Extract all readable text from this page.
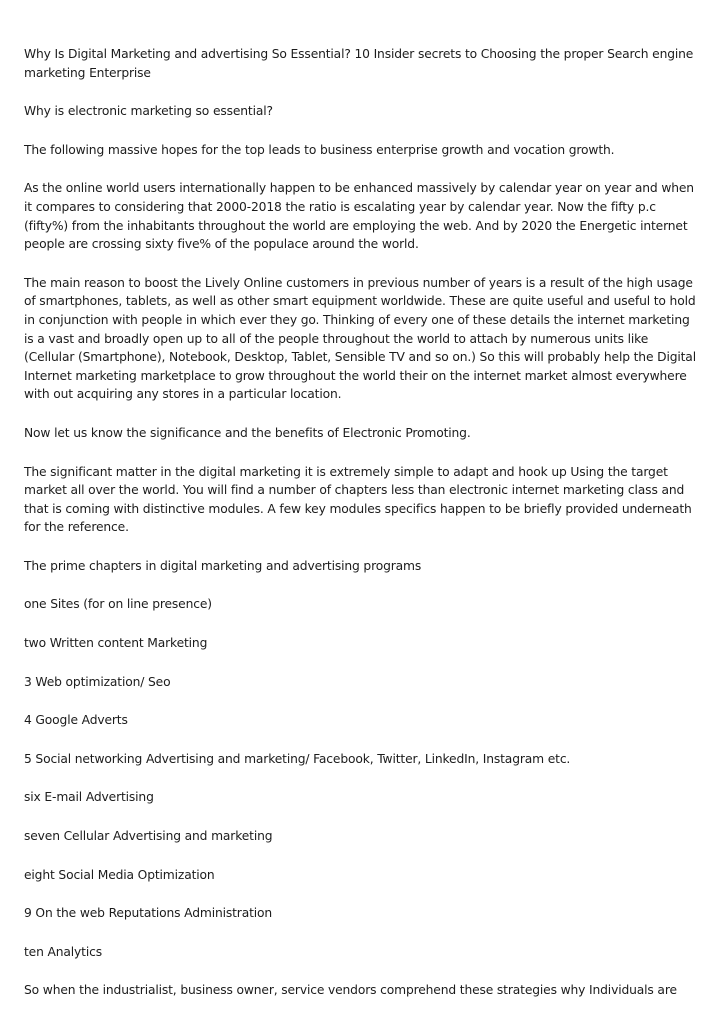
Why Is Digital Marketing and advertising So Essential? 10 Insider secrets to Choosing the proper Search engine marketing Enterprise

Why is electronic marketing so essential?

The following massive hopes for the top leads to business enterprise growth and vocation growth.

As the online world users internationally happen to be enhanced massively by calendar year on year and when it compares to considering that 2000-2018 the ratio is escalating year by calendar year. Now the fifty p.c (fifty%) from the inhabitants throughout the world are employing the web. And by 2020 the Energetic internet people are crossing sixty five% of the populace around the world.

The main reason to boost the Lively Online customers in previous number of years is a result of the high usage of smartphones, tablets, as well as other smart equipment worldwide. These are quite useful and useful to hold in conjunction with people in which ever they go. Thinking of every one of these details the internet marketing is a vast and broadly open up to all of the people throughout the world to attach by numerous units like (Cellular (Smartphone), Notebook, Desktop, Tablet, Sensible TV and so on.) So this will probably help the Digital Internet marketing marketplace to grow throughout the world their on the internet market almost everywhere with out acquiring any stores in a particular location.

Now let us know the significance and the benefits of Electronic Promoting.

The significant matter in the digital marketing it is extremely simple to adapt and hook up Using the target market all over the world. You will find a number of chapters less than electronic internet marketing class and that is coming with distinctive modules. A few key modules specifics happen to be briefly provided underneath for the reference.

The prime chapters in digital marketing and advertising programs

one Sites (for on line presence)

two Written content Marketing

3 Web optimization/ Seo

4 Google Adverts

5 Social networking Advertising and marketing/ Facebook, Twitter, LinkedIn, Instagram etc.

six E-mail Advertising

seven Cellular Advertising and marketing

eight Social Media Optimization

9 On the web Reputations Administration

ten Analytics

So when the industrialist, business owner, service vendors comprehend these strategies why Individuals are
